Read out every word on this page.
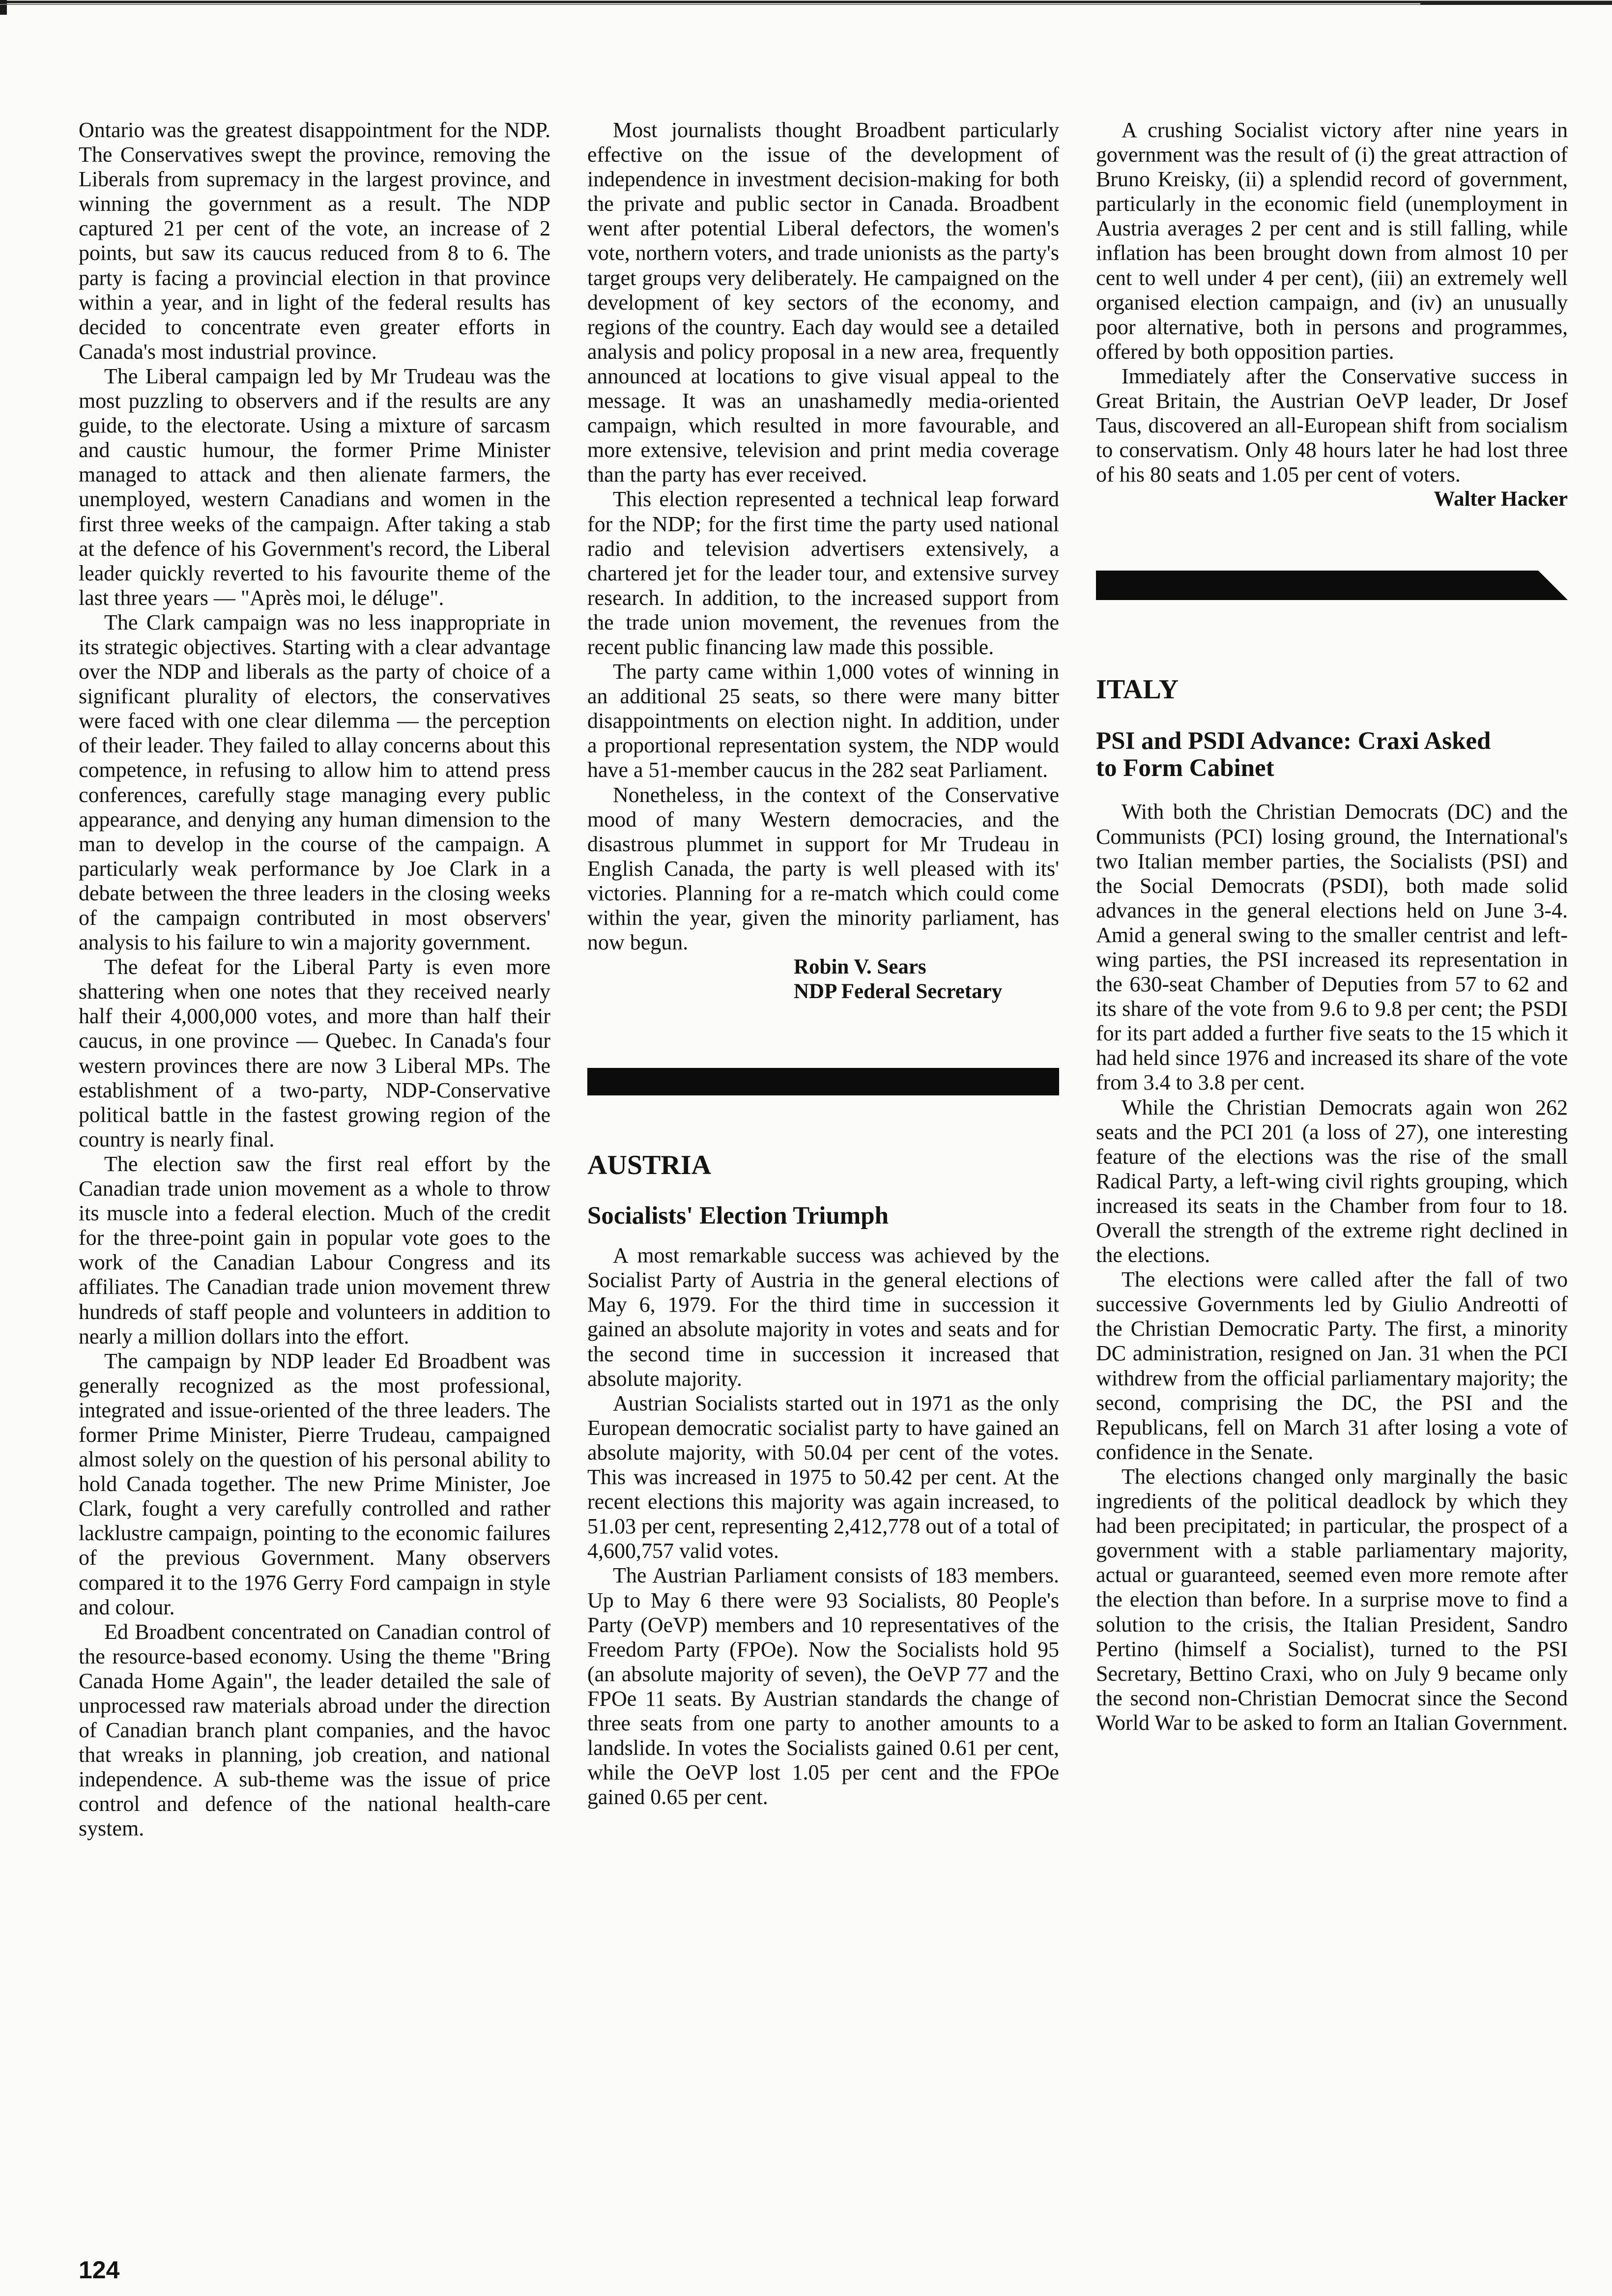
Ontario was the greatest disappointment for the NDP. The Conservatives swept the province, removing the Liberals from supremacy in the largest province, and winning the government as a result. The NDP captured 21 per cent of the vote, an increase of 2 points, but saw its caucus reduced from 8 to 6. The party is facing a provincial election in that province within a year, and in light of the federal results has decided to concentrate even greater efforts in Canada's most industrial province.

The Liberal campaign led by Mr Trudeau was the most puzzling to observers and if the results are any guide, to the electorate. Using a mixture of sarcasm and caustic humour, the former Prime Minister managed to attack and then alienate farmers, the unemployed, western Canadians and women in the first three weeks of the campaign. After taking a stab at the defence of his Government's record, the Liberal leader quickly reverted to his favourite theme of the last three years — "Après moi, le déluge".

The Clark campaign was no less inappropriate in its strategic objectives. Starting with a clear advantage over the NDP and liberals as the party of choice of a significant plurality of electors, the conservatives were faced with one clear dilemma — the perception of their leader. They failed to allay concerns about this competence, in refusing to allow him to attend press conferences, carefully stage managing every public appearance, and denying any human dimension to the man to develop in the course of the campaign. A particularly weak performance by Joe Clark in a debate between the three leaders in the closing weeks of the campaign contributed in most observers' analysis to his failure to win a majority government.

The defeat for the Liberal Party is even more shattering when one notes that they received nearly half their 4,000,000 votes, and more than half their caucus, in one province — Quebec. In Canada's four western provinces there are now 3 Liberal MPs. The establishment of a two-party, NDP-Conservative political battle in the fastest growing region of the country is nearly final.

The election saw the first real effort by the Canadian trade union movement as a whole to throw its muscle into a federal election. Much of the credit for the three-point gain in popular vote goes to the work of the Canadian Labour Congress and its affiliates. The Canadian trade union movement threw hundreds of staff people and volunteers in addition to nearly a million dollars into the effort.

The campaign by NDP leader Ed Broadbent was generally recognized as the most professional, integrated and issue-oriented of the three leaders. The former Prime Minister, Pierre Trudeau, campaigned almost solely on the question of his personal ability to hold Canada together. The new Prime Minister, Joe Clark, fought a very carefully controlled and rather lacklustre campaign, pointing to the economic failures of the previous Government. Many observers compared it to the 1976 Gerry Ford campaign in style and colour.

Ed Broadbent concentrated on Canadian control of the resource-based economy. Using the theme "Bring Canada Home Again", the leader detailed the sale of unprocessed raw materials abroad under the direction of Canadian branch plant companies, and the havoc that wreaks in planning, job creation, and national independence. A sub-theme was the issue of price control and defence of the national health-care system.

Most journalists thought Broadbent particularly effective on the issue of the development of independence in investment decision-making for both the private and public sector in Canada. Broadbent went after potential Liberal defectors, the women's vote, northern voters, and trade unionists as the party's target groups very deliberately. He campaigned on the development of key sectors of the economy, and regions of the country. Each day would see a detailed analysis and policy proposal in a new area, frequently announced at locations to give visual appeal to the message. It was an unashamedly media-oriented campaign, which resulted in more favourable, and more extensive, television and print media coverage than the party has ever received.

This election represented a technical leap forward for the NDP; for the first time the party used national radio and television advertisers extensively, a chartered jet for the leader tour, and extensive survey research. In addition, to the increased support from the trade union movement, the revenues from the recent public financing law made this possible.

The party came within 1,000 votes of winning in an additional 25 seats, so there were many bitter disappointments on election night. In addition, under a proportional representation system, the NDP would have a 51-member caucus in the 282 seat Parliament.

Nonetheless, in the context of the Conservative mood of many Western democracies, and the disastrous plummet in support for Mr Trudeau in English Canada, the party is well pleased with its' victories. Planning for a re-match which could come within the year, given the minority parliament, has now begun.

Robin V. Sears

NDP Federal Secretary

AUSTRIA
Socialists' Election Triumph

A most remarkable success was achieved by the Socialist Party of Austria in the general elections of May 6, 1979. For the third time in succession it gained an absolute majority in votes and seats and for the second time in succession it increased that absolute majority.

Austrian Socialists started out in 1971 as the only European democratic socialist party to have gained an absolute majority, with 50.04 per cent of the votes. This was increased in 1975 to 50.42 per cent. At the recent elections this majority was again increased, to 51.03 per cent, representing 2,412,778 out of a total of 4,600,757 valid votes.

The Austrian Parliament consists of 183 members. Up to May 6 there were 93 Socialists, 80 People's Party (OeVP) members and 10 representatives of the Freedom Party (FPOe). Now the Socialists hold 95 (an absolute majority of seven), the OeVP 77 and the FPOe 11 seats. By Austrian standards the change of three seats from one party to another amounts to a landslide. In votes the Socialists gained 0.61 per cent, while the OeVP lost 1.05 per cent and the FPOe gained 0.65 per cent.

A crushing Socialist victory after nine years in government was the result of (i) the great attraction of Bruno Kreisky, (ii) a splendid record of government, particularly in the economic field (unemployment in Austria averages 2 per cent and is still falling, while inflation has been brought down from almost 10 per cent to well under 4 per cent), (iii) an extremely well organised election campaign, and (iv) an unusually poor alternative, both in persons and programmes, offered by both opposition parties.

Immediately after the Conservative success in Great Britain, the Austrian OeVP leader, Dr Josef Taus, discovered an all-European shift from socialism to conservatism. Only 48 hours later he had lost three of his 80 seats and 1.05 per cent of voters.

Walter Hacker

ITALY
PSI and PSDI Advance: Craxi Asked to Form Cabinet

With both the Christian Democrats (DC) and the Communists (PCI) losing ground, the International's two Italian member parties, the Socialists (PSI) and the Social Democrats (PSDI), both made solid advances in the general elections held on June 3-4. Amid a general swing to the smaller centrist and left-wing parties, the PSI increased its representation in the 630-seat Chamber of Deputies from 57 to 62 and its share of the vote from 9.6 to 9.8 per cent; the PSDI for its part added a further five seats to the 15 which it had held since 1976 and increased its share of the vote from 3.4 to 3.8 per cent.

While the Christian Democrats again won 262 seats and the PCI 201 (a loss of 27), one interesting feature of the elections was the rise of the small Radical Party, a left-wing civil rights grouping, which increased its seats in the Chamber from four to 18. Overall the strength of the extreme right declined in the elections.

The elections were called after the fall of two successive Governments led by Giulio Andreotti of the Christian Democratic Party. The first, a minority DC administration, resigned on Jan. 31 when the PCI withdrew from the official parliamentary majority; the second, comprising the DC, the PSI and the Republicans, fell on March 31 after losing a vote of confidence in the Senate.

The elections changed only marginally the basic ingredients of the political deadlock by which they had been precipitated; in particular, the prospect of a government with a stable parliamentary majority, actual or guaranteed, seemed even more remote after the election than before. In a surprise move to find a solution to the crisis, the Italian President, Sandro Pertino (himself a Socialist), turned to the PSI Secretary, Bettino Craxi, who on July 9 became only the second non-Christian Democrat since the Second World War to be asked to form an Italian Government.

124
